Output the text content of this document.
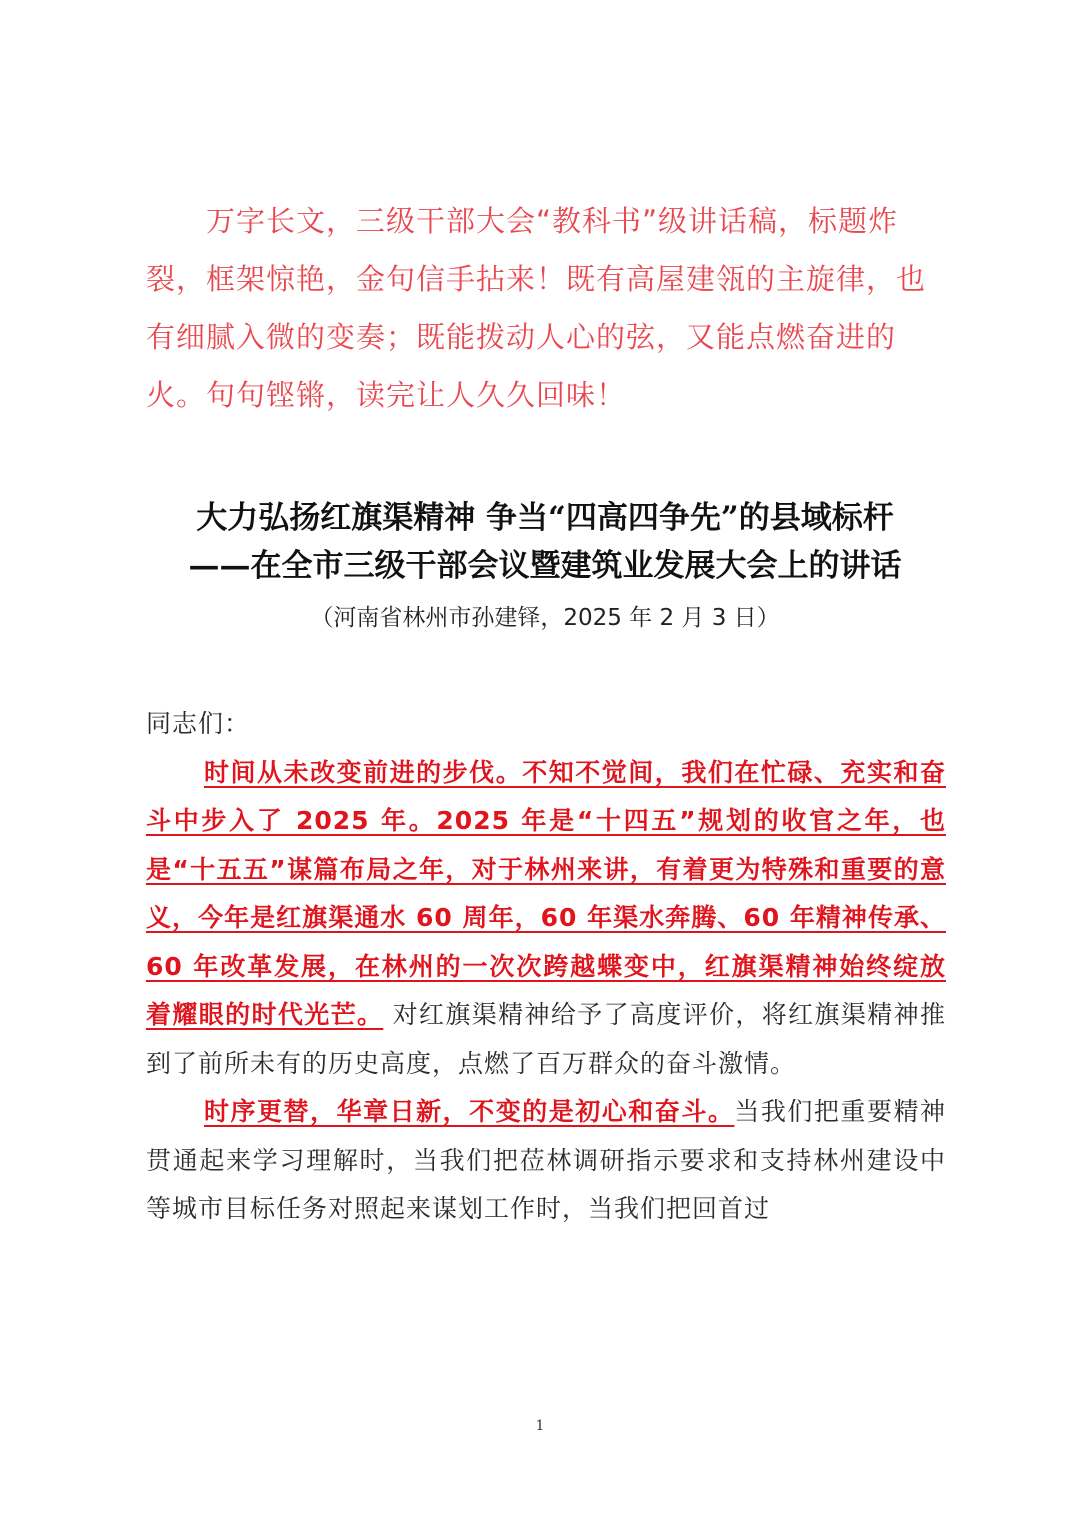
万字长文，三级干部大会“教科书”级讲话稿，标题炸裂，框架惊艳，金句信手拈来！既有高屋建瓴的主旋律，也有细腻入微的变奏；既能拨动人心的弦，又能点燃奋进的火。句句铿锵，读完让人久久回味！

大力弘扬红旗渠精神 争当“四高四争先”的县域标杆

——在全市三级干部会议暨建筑业发展大会上的讲话

（河南省林州市孙建铎，2025 年 2 月 3 日）

同志们：

时间从未改变前进的步伐。不知不觉间，我们在忙碌、充实和奋斗中步入了 2025 年。2025 年是“十四五”规划的收官之年，也是“十五五”谋篇布局之年，对于林州来讲，有着更为特殊和重要的意义，今年是红旗渠通水 60 周年，60 年渠水奔腾、60 年精神传承、60 年改革发展，在林州的一次次跨越蝶变中，红旗渠精神始终绽放着耀眼的时代光芒。 对红旗渠精神给予了高度评价，将红旗渠精神推到了前所未有的历史高度，点燃了百万群众的奋斗激情。

时序更替，华章日新，不变的是初心和奋斗。当我们把重要精神贯通起来学习理解时，当我们把莅林调研指示要求和支持林州建设中等城市目标任务对照起来谋划工作时，当我们把回首过

1
